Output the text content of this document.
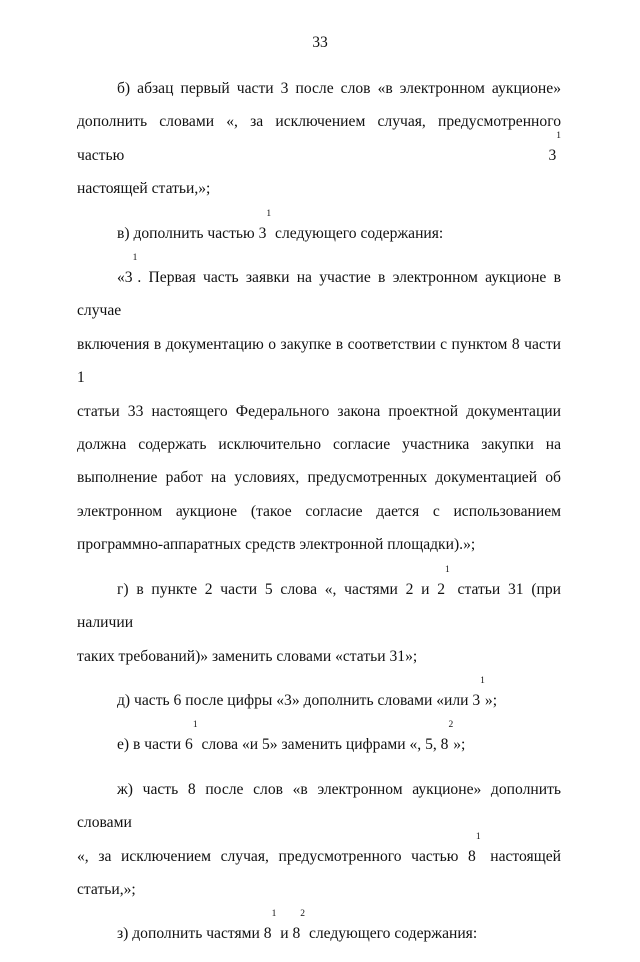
33
б) абзац первый части 3 после слов «в электронном аукционе»
дополнить словами «, за исключением случая, предусмотренного частью $3^1$
настоящей статьи,»;
в) дополнить частью $3^1$ следующего содержания:
«$3^1$. Первая часть заявки на участие в электронном аукционе в случае
включения в документацию о закупке в соответствии с пунктом 8 части 1
статьи 33 настоящего Федерального закона проектной документации
должна содержать исключительно согласие участника закупки на
выполнение работ на условиях, предусмотренных документацией об
электронном аукционе (такое согласие дается с использованием
программно-аппаратных средств электронной площадки).»;
г) в пункте 2 части 5 слова «, частями 2 и $2^1$ статьи 31 (при наличии
таких требований)» заменить словами «статьи 31»;
д) часть 6 после цифры «3» дополнить словами «или $3^1$»;
е) в части $6^1$ слова «и 5» заменить цифрами «, 5, $8^2$»;
ж) часть 8 после слов «в электронном аукционе» дополнить словами
«, за исключением случая, предусмотренного частью $8^1$ настоящей
статьи,»;
з) дополнить частями $8^1$ и $8^2$ следующего содержания:
